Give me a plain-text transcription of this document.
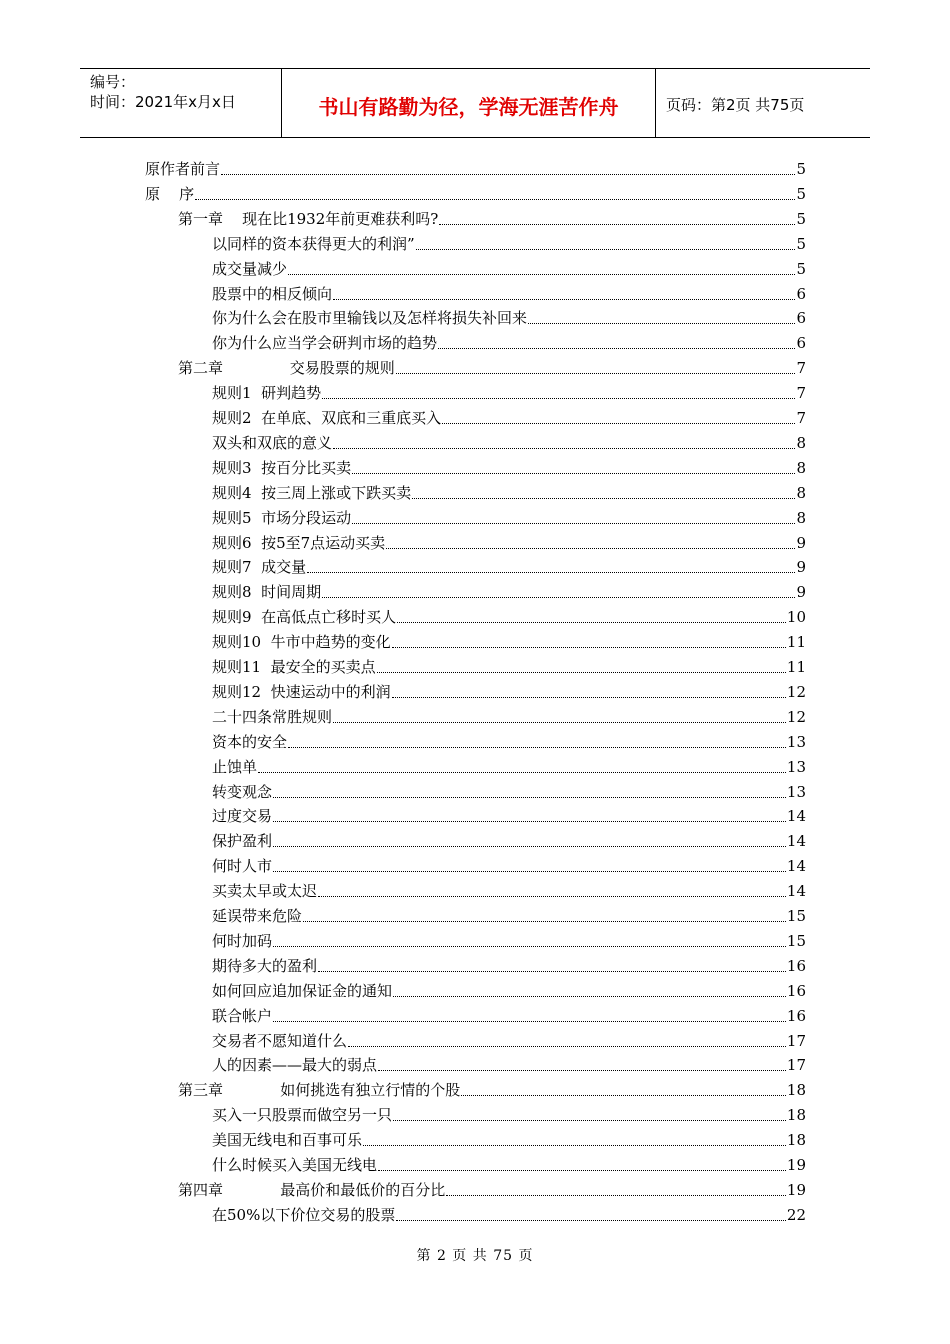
编号：
时间：2021年x月x日	书山有路勤为径，学海无涯苦作舟	页码：第2页 共75页
原作者前言	5
原    序	5
第一章    现在比1932年前更难获利吗?	5
以同样的资本获得更大的利润”	5
成交量减少	5
股票中的相反倾向	6
你为什么会在股市里输钱以及怎样将损失补回来	6
你为什么应当学会研判市场的趋势	6
第二章              交易股票的规则	7
规则1  研判趋势	7
规则2  在单底、双底和三重底买入	7
双头和双底的意义	8
规则3  按百分比买卖	8
规则4  按三周上涨或下跌买卖	8
规则5  市场分段运动	8
规则6  按5至7点运动买卖	9
规则7  成交量	9
规则8  时间周期	9
规则9  在高低点亡移时买人	10
规则10  牛市中趋势的变化	11
规则11  最安全的买卖点	11
规则12  快速运动中的利润	12
二十四条常胜规则	12
资本的安全	13
止蚀单	13
转变观念	13
过度交易	14
保护盈利	14
何时人市	14
买卖太早或太迟	14
延误带来危险	15
何时加码	15
期待多大的盈利	16
如何回应追加保证金的通知	16
联合帐户	16
交易者不愿知道什么	17
人的因素——最大的弱点	17
第三章            如何挑选有独立行情的个股	18
买入一只股票而做空另一只	18
美国无线电和百事可乐	18
什么时候买入美国无线电	19
第四章            最高价和最低价的百分比	19
在50%以下价位交易的股票	22
第 2 页 共 75 页
